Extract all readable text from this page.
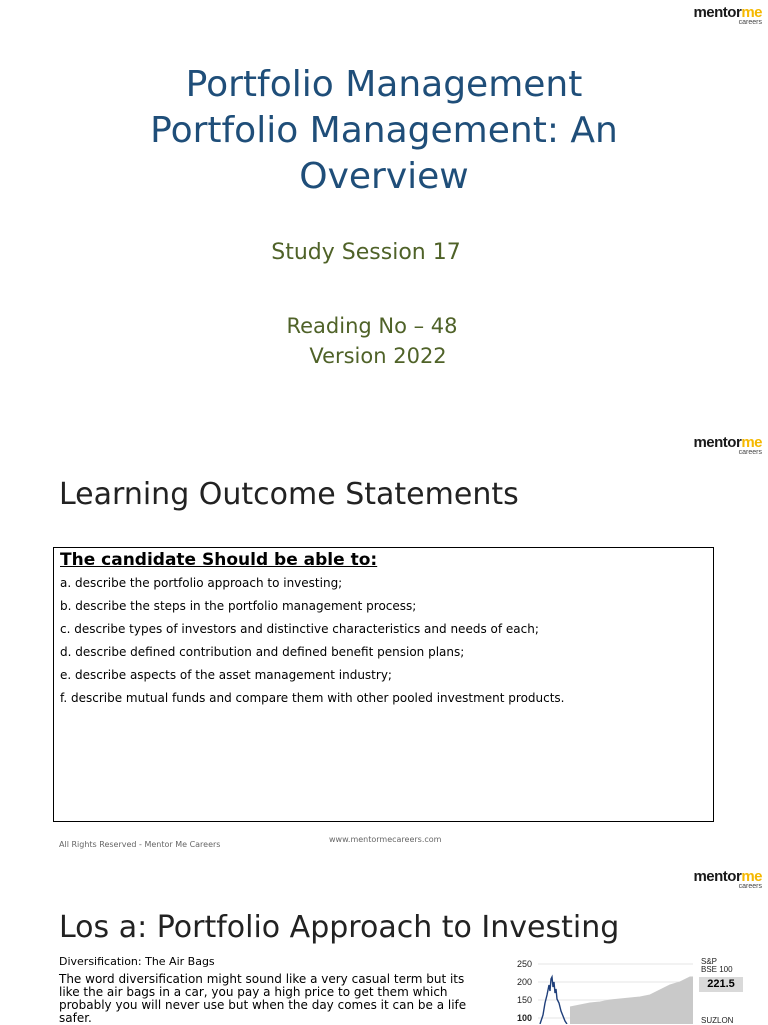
mentorme
careers
Portfolio Management
Portfolio Management: An
Overview
Study Session 17
Reading No – 48
Version 2022
mentorme
careers
Learning Outcome Statements
The candidate Should be able to:
a. describe the portfolio approach to investing;
b. describe the steps in the portfolio management process;
c. describe types of investors and distinctive characteristics and needs of each;
d. describe defined contribution and defined benefit pension plans;
e. describe aspects of the asset management industry;
f. describe mutual funds and compare them with other pooled investment products.
All Rights Reserved - Mentor Me Careers
www.mentormecareers.com
mentorme
careers
Los a: Portfolio Approach to Investing
Diversification: The Air Bags
The word diversification might sound like a very casual term but its like the air bags in a car, you pay a high price to get them which probably you will never use but when the day comes it can be a life safer.
250
200
150
100
S&P
BSE 100
221.5
SUZLON
